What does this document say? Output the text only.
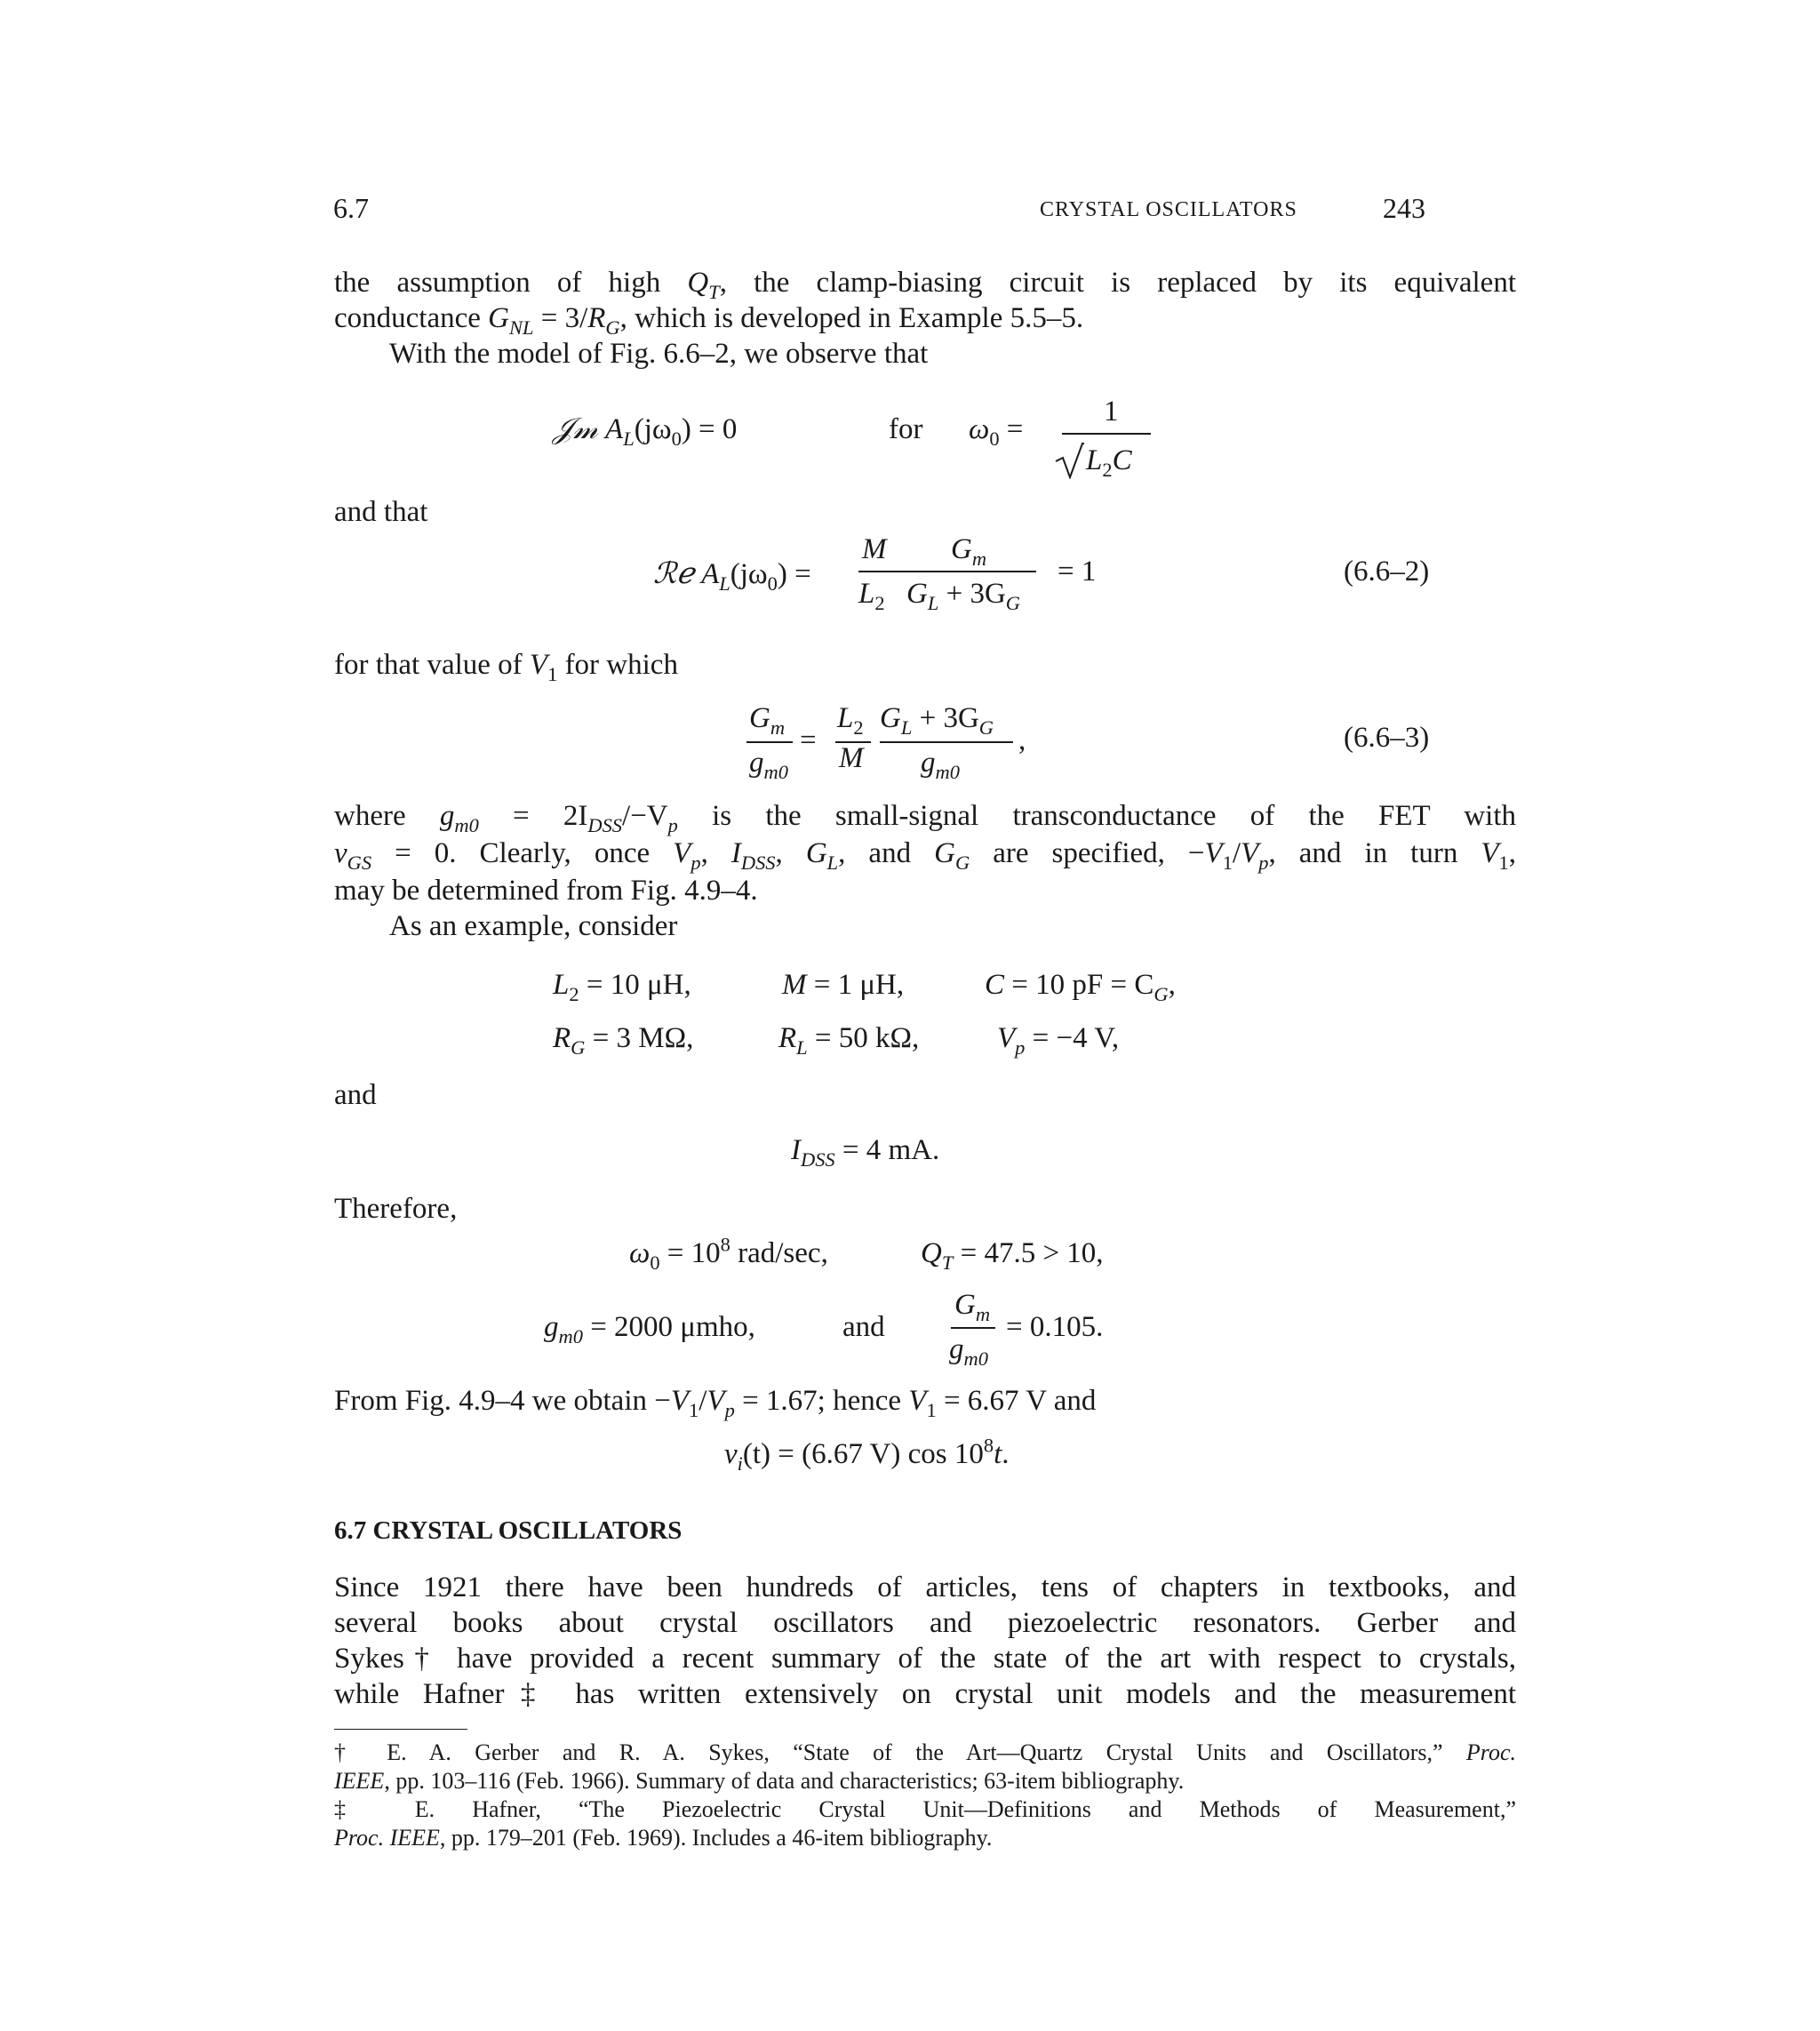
6.7	CRYSTAL OSCILLATORS	243
the assumption of high $Q_T$, the clamp-biasing circuit is replaced by its equivalent
conductance $G_{NL} = 3/R_G$, which is developed in Example 5.5–5.
With the model of Fig. 6.6–2, we observe that
𝒥𝓂 $A_L(j\omega_0) = 0$	for $\omega_0$ =
1
$L_2C$
and that
ℛℯ $A_L(j\omega_0)$ =
M
$L_2$
$G_m$
$G_L + 3G_G$
= 1	(6.6–2)
for that value of $V_1$ for which
$G_m$
$g_{m0}$
=
$L_2$
M
$G_L + 3G_G$
$g_{m0}$
,	(6.6–3)
where $g_{m0} = 2I_{DSS}/-V_p$ is the small-signal transconductance of the FET with
$v_{GS} = 0$. Clearly, once $V_p$, $I_{DSS}$, $G_L$, and $G_G$ are specified, $-V_1/V_p$, and in turn $V_1$,
may be determined from Fig. 4.9–4.
As an example, consider
$L_2 = 10$ μH,	M = 1 μH,	C = 10 pF = $C_G$,
$R_G = 3$ MΩ,	$R_L = 50$ kΩ,	$V_p = -4$ V,
and
$I_{DSS} = 4$ mA.
Therefore,
$\omega_0 = 10^8$ rad/sec,	$Q_T = 47.5 > 10$,
$g_{m0} = 2000$ μmho,	and
$G_m$
$g_{m0}$
= 0.105.
From Fig. 4.9–4 we obtain $-V_1/V_p = 1.67$; hence $V_1 = 6.67$ V and
$v_i(t) = (6.67$ V) $\cos 10^8t$.
6.7 CRYSTAL OSCILLATORS
Since 1921 there have been hundreds of articles, tens of chapters in textbooks, and
several books about crystal oscillators and piezoelectric resonators. Gerber and
Sykes† have provided a recent summary of the state of the art with respect to crystals,
while Hafner‡ has written extensively on crystal unit models and the measurement
† E. A. Gerber and R. A. Sykes, “State of the Art—Quartz Crystal Units and Oscillators,” Proc.
IEEE, pp. 103–116 (Feb. 1966). Summary of data and characteristics; 63-item bibliography.
‡ E. Hafner, “The Piezoelectric Crystal Unit—Definitions and Methods of Measurement,”
Proc. IEEE, pp. 179–201 (Feb. 1969). Includes a 46-item bibliography.
